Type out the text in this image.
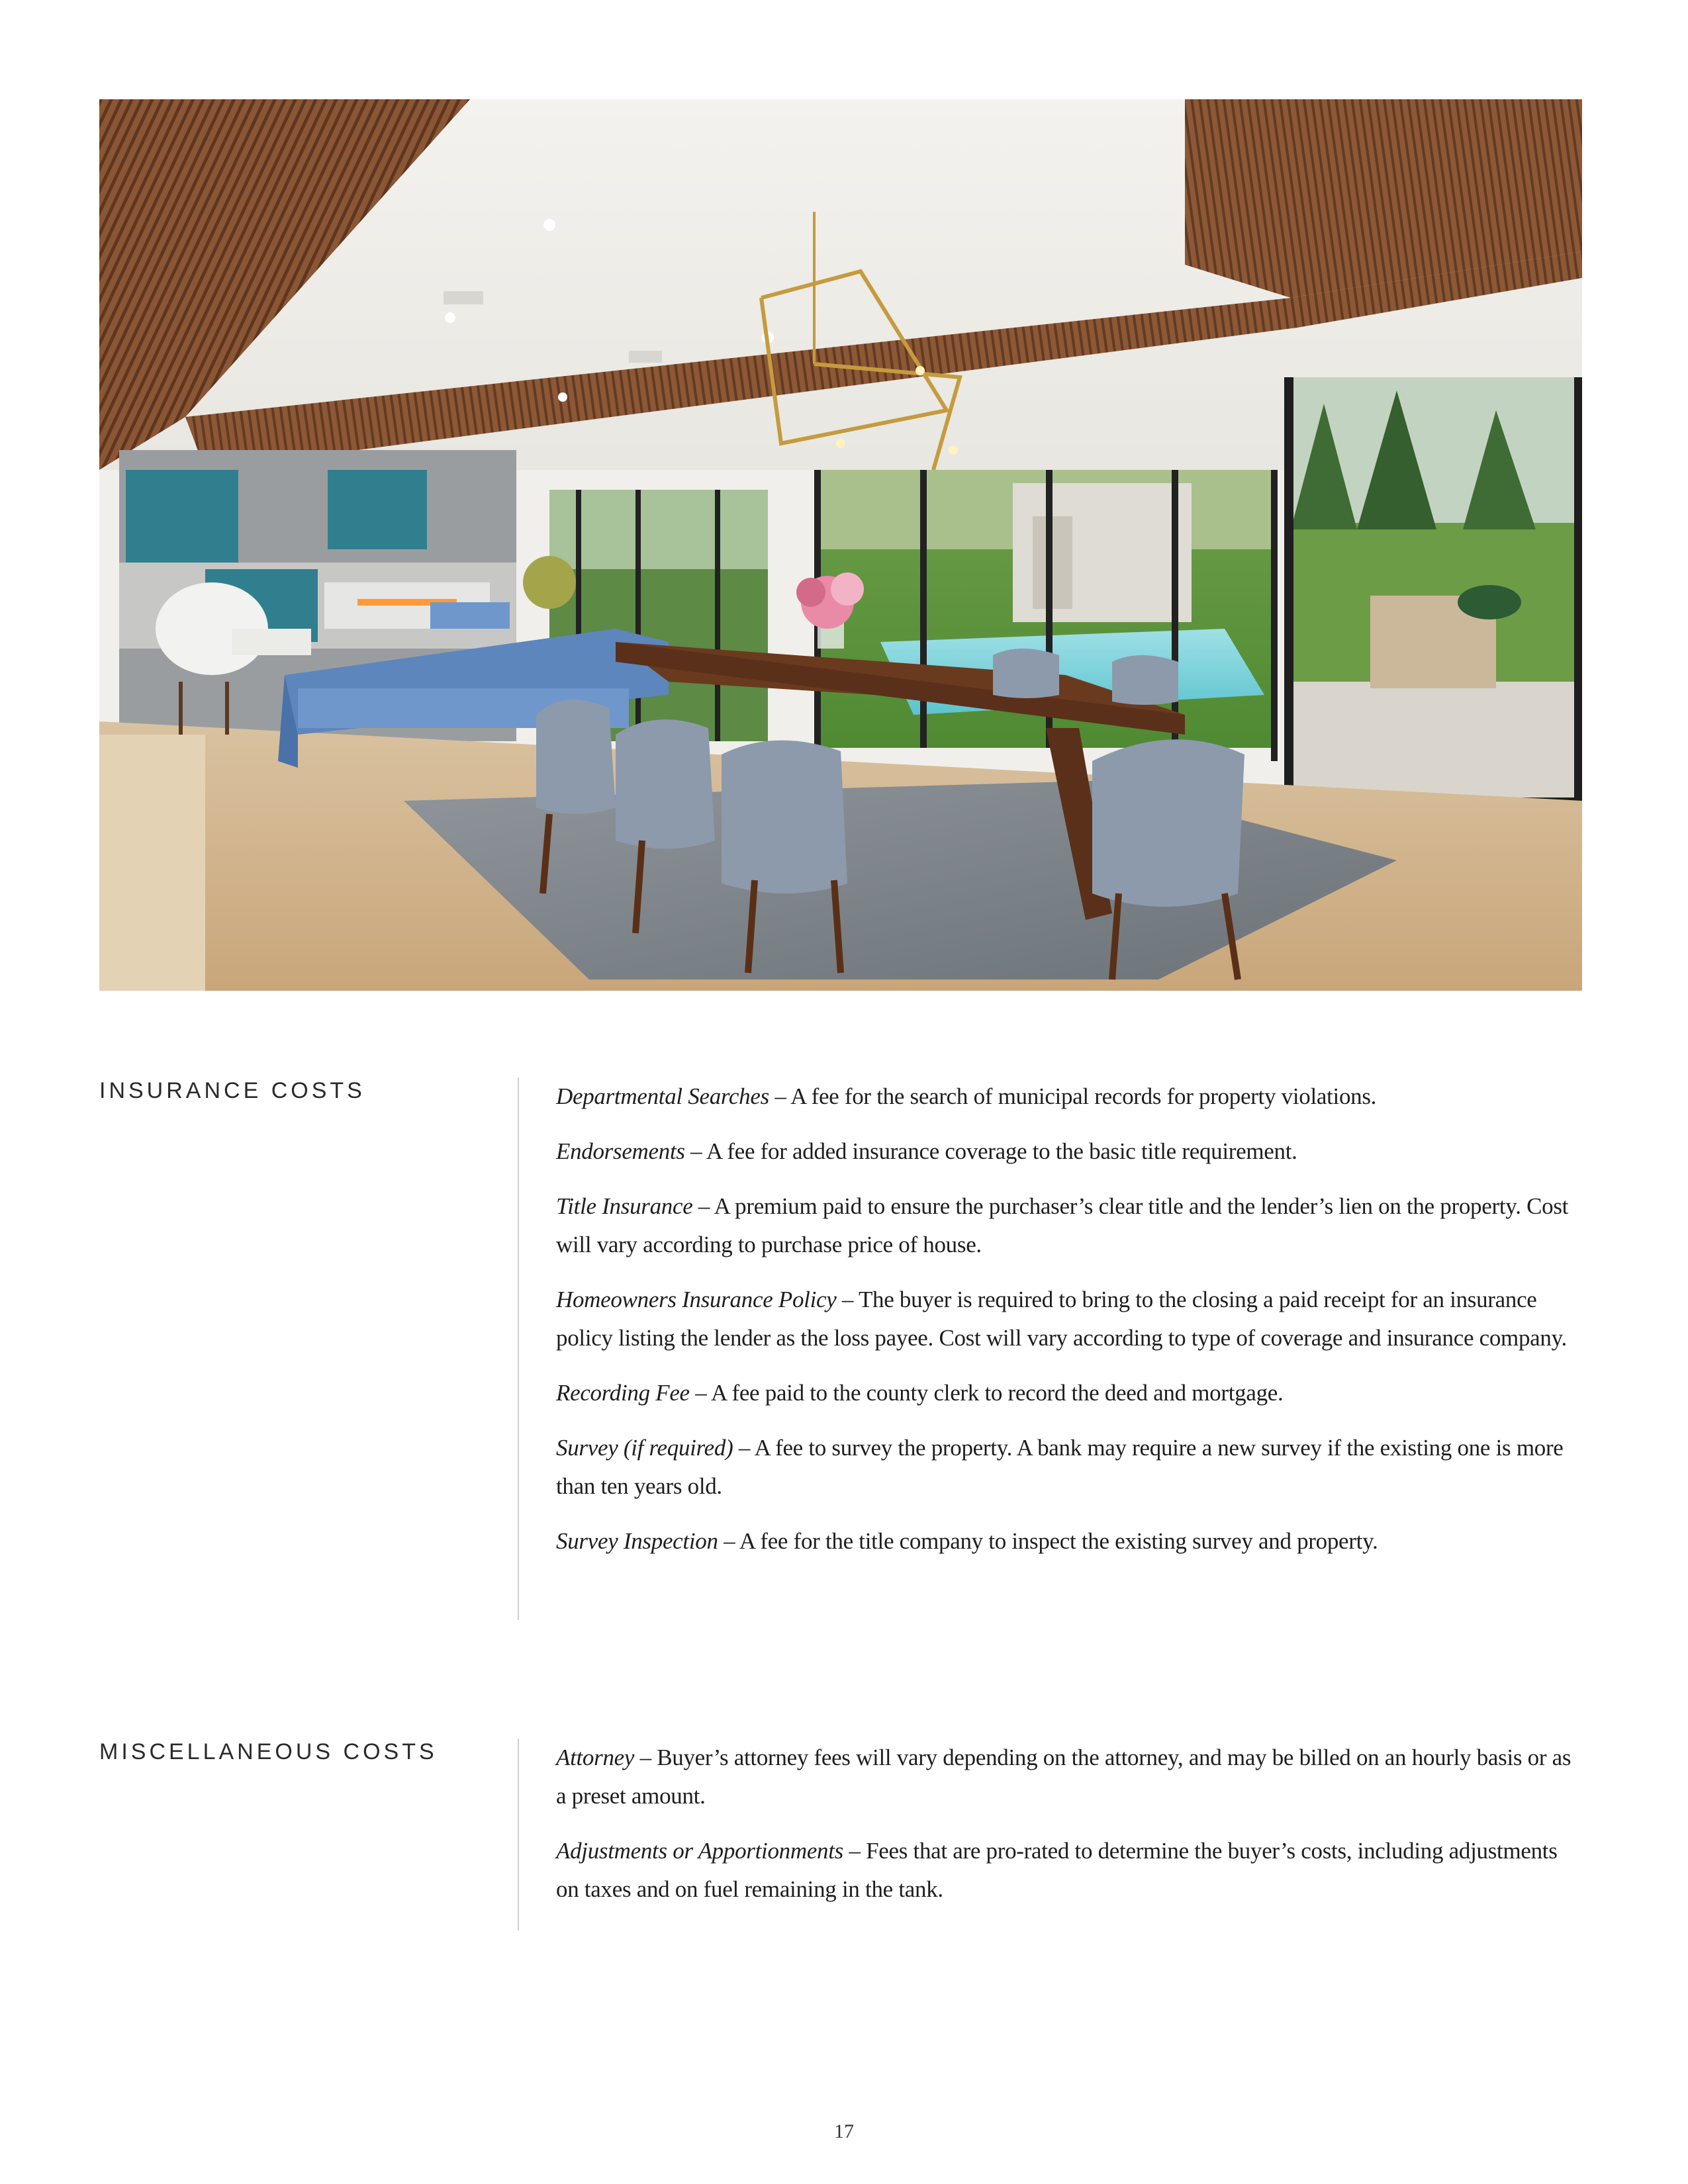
INSURANCE COSTS	Departmental Searches – A fee for the search of municipal records for property violations.

Endorsements – A fee for added insurance coverage to the basic title requirement.

Title Insurance – A premium paid to ensure the purchaser’s clear title and the lender’s lien on the property. Cost will vary according to purchase price of house.

Homeowners Insurance Policy – The buyer is required to bring to the closing a paid receipt for an insurance policy listing the lender as the loss payee. Cost will vary according to type of coverage and insurance company.

Recording Fee – A fee paid to the county clerk to record the deed and mortgage.

Survey (if required) – A fee to survey the property. A bank may require a new survey if the existing one is more than ten years old.

Survey Inspection – A fee for the title company to inspect the existing survey and property.

MISCELLANEOUS COSTS	Attorney – Buyer’s attorney fees will vary depending on the attorney, and may be billed on an hourly basis or as a preset amount.

Adjustments or Apportionments – Fees that are pro-rated to determine the buyer’s costs, including adjustments on taxes and on fuel remaining in the tank.

17
